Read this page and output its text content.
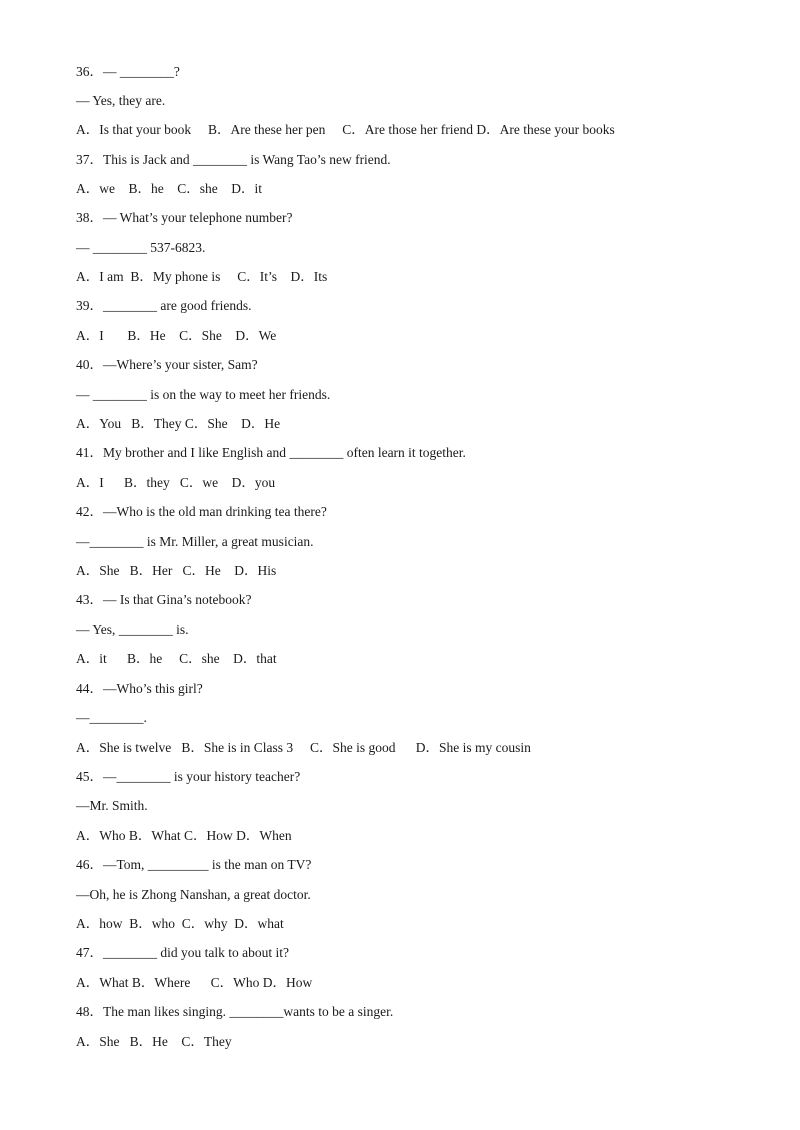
36．— ________?
— Yes, they are.
A．Is that your book     B．Are these her pen     C．Are those her friend D．Are these your books
37．This is Jack and ________ is Wang Tao’s new friend.
A．we    B．he    C．she    D．it
38．— What’s your telephone number?
— ________ 537-6823.
A．I am  B．My phone is     C．It’s    D．Its
39．________ are good friends.
A．I       B．He    C．She    D．We
40．—Where’s your sister, Sam?
— ________ is on the way to meet her friends.
A．You   B．They C．She    D．He
41．My brother and I like English and ________ often learn it together.
A．I      B．they   C．we    D．you
42．—Who is the old man drinking tea there?
—________ is Mr. Miller, a great musician.
A．She   B．Her   C．He    D．His
43．— Is that Gina’s notebook?
— Yes, ________ is.
A．it      B．he     C．she    D．that
44．—Who’s this girl?
—________.
A．She is twelve   B．She is in Class 3     C．She is good      D．She is my cousin
45．—________ is your history teacher?
—Mr. Smith.
A．Who B．What C．How D．When
46．—Tom, _________ is the man on TV?
—Oh, he is Zhong Nanshan, a great doctor.
A．how  B．who  C．why  D．what
47．________ did you talk to about it?
A．What B．Where      C．Who D．How
48．The man likes singing. ________wants to be a singer.
A．She   B．He    C．They
